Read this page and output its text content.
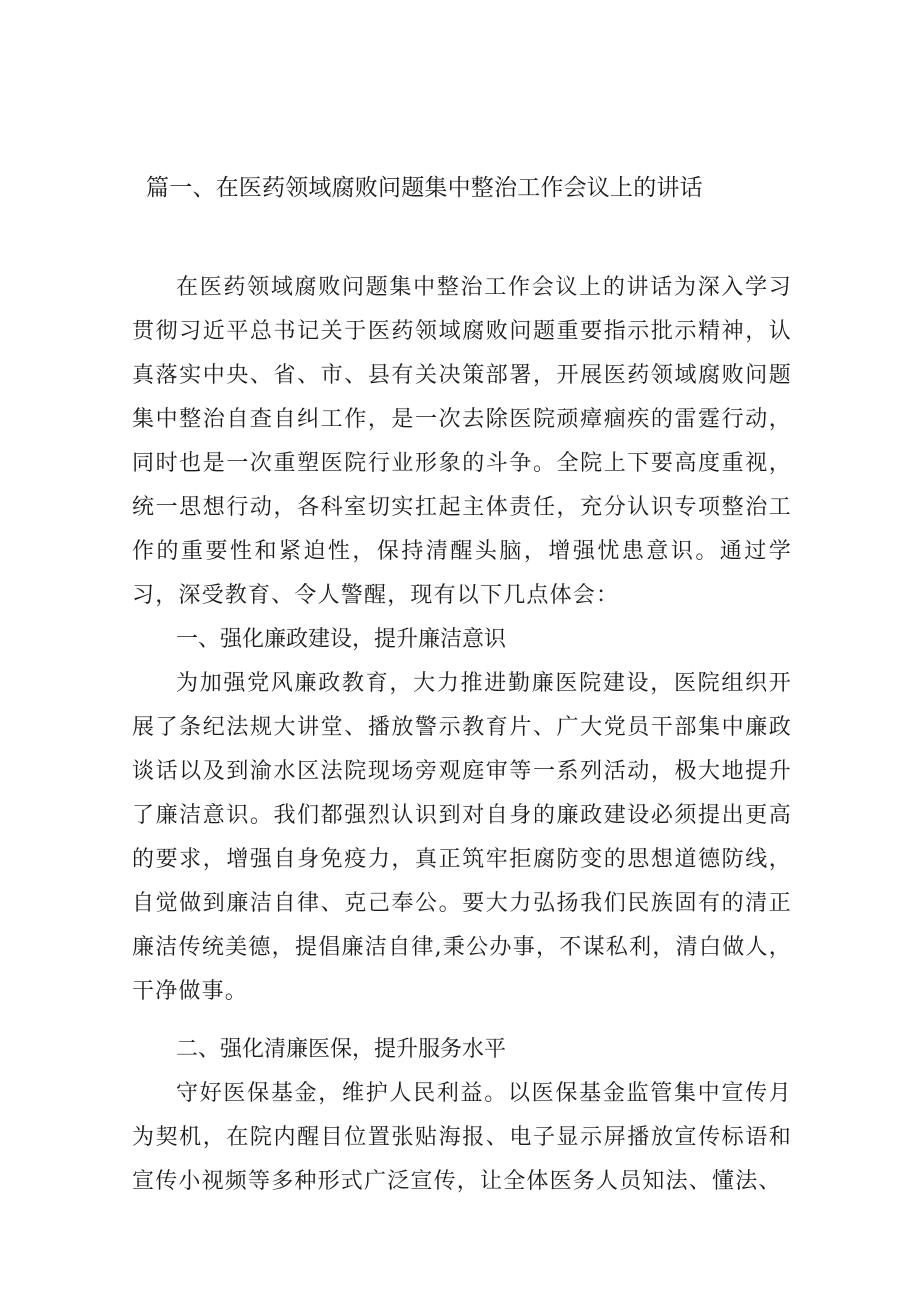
篇一、在医药领域腐败问题集中整治工作会议上的讲话

在医药领域腐败问题集中整治工作会议上的讲话为深入学习贯彻习近平总书记关于医药领域腐败问题重要指示批示精神，认真落实中央、省、市、县有关决策部署，开展医药领域腐败问题集中整治自查自纠工作，是一次去除医院顽瘴痼疾的雷霆行动，同时也是一次重塑医院行业形象的斗争。全院上下要高度重视，统一思想行动，各科室切实扛起主体责任，充分认识专项整治工作的重要性和紧迫性，保持清醒头脑，增强忧患意识。通过学习，深受教育、令人警醒，现有以下几点体会：

一、强化廉政建设，提升廉洁意识

为加强党风廉政教育，大力推进勤廉医院建设，医院组织开展了条纪法规大讲堂、播放警示教育片、广大党员干部集中廉政谈话以及到渝水区法院现场旁观庭审等一系列活动，极大地提升了廉洁意识。我们都强烈认识到对自身的廉政建设必须提出更高的要求，增强自身免疫力，真正筑牢拒腐防变的思想道德防线，自觉做到廉洁自律、克己奉公。要大力弘扬我们民族固有的清正廉洁传统美德，提倡廉洁自律,秉公办事，不谋私利，清白做人，干净做事。

二、强化清廉医保，提升服务水平

守好医保基金，维护人民利益。以医保基金监管集中宣传月为契机，在院内醒目位置张贴海报、电子显示屏播放宣传标语和宣传小视频等多种形式广泛宣传，让全体医务人员知法、懂法、
